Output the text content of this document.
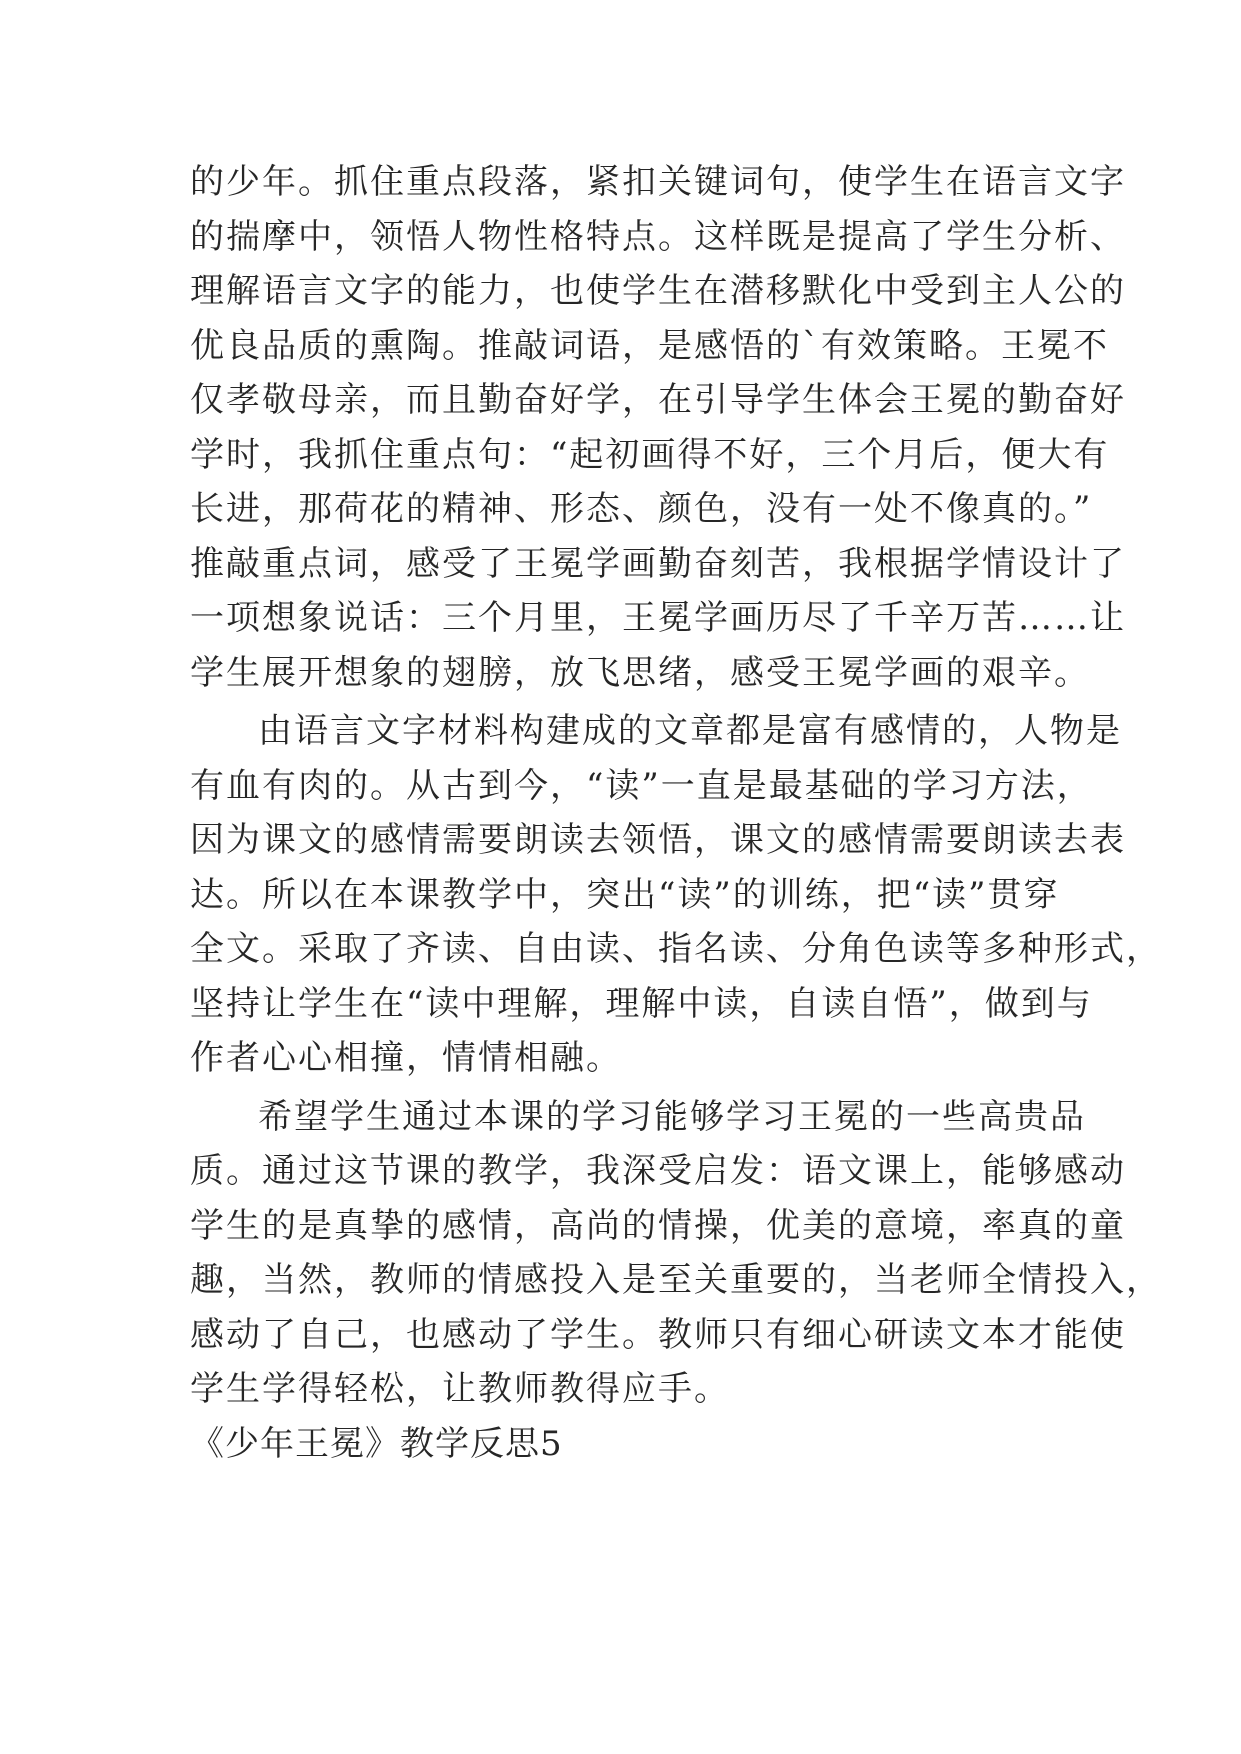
的少年。抓住重点段落，紧扣关键词句，使学生在语言文字
的揣摩中，领悟人物性格特点。这样既是提高了学生分析、
理解语言文字的能力，也使学生在潜移默化中受到主人公的
优良品质的熏陶。推敲词语，是感悟的`有效策略。王冕不
仅孝敬母亲，而且勤奋好学，在引导学生体会王冕的勤奋好
学时，我抓住重点句：“起初画得不好，三个月后，便大有
长进，那荷花的精神、形态、颜色，没有一处不像真的。”
推敲重点词，感受了王冕学画勤奋刻苦，我根据学情设计了
一项想象说话：三个月里，王冕学画历尽了千辛万苦……让
学生展开想象的翅膀，放飞思绪，感受王冕学画的艰辛。
由语言文字材料构建成的文章都是富有感情的，人物是
有血有肉的。从古到今，“读”一直是最基础的学习方法，
因为课文的感情需要朗读去领悟，课文的感情需要朗读去表
达。所以在本课教学中，突出“读”的训练，把“读”贯穿
全文。采取了齐读、自由读、指名读、分角色读等多种形式，
坚持让学生在“读中理解，理解中读，自读自悟”，做到与
作者心心相撞，情情相融。
希望学生通过本课的学习能够学习王冕的一些高贵品
质。通过这节课的教学，我深受启发：语文课上，能够感动
学生的是真挚的感情，高尚的情操，优美的意境，率真的童
趣，当然，教师的情感投入是至关重要的，当老师全情投入，
感动了自己，也感动了学生。教师只有细心研读文本才能使
学生学得轻松，让教师教得应手。
《少年王冕》教学反思5
